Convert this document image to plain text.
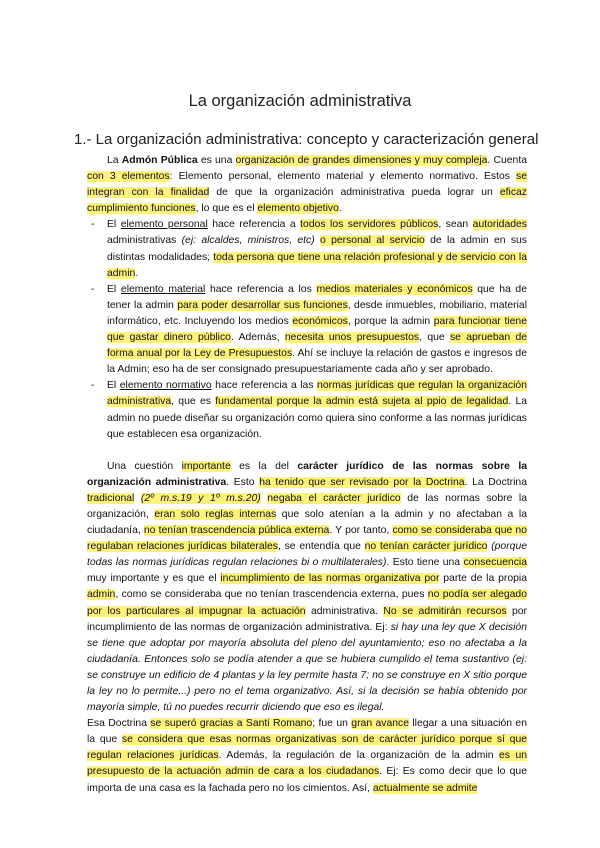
La organización administrativa
1.- La organización administrativa: concepto y caracterización general

La Admón Pública es una organización de grandes dimensiones y muy compleja. Cuenta con 3 elementos: Elemento personal, elemento material y elemento normativo. Estos se integran con la finalidad de que la organización administrativa pueda lograr un eficaz cumplimiento funciones, lo que es el elemento objetivo.

- El elemento personal hace referencia a todos los servidores públicos, sean autoridades administrativas (ej: alcaldes, ministros, etc) o personal al servicio de la admin en sus distintas modalidades; toda persona que tiene una relación profesional y de servicio con la admin.
- El elemento material hace referencia a los medios materiales y económicos que ha de tener la admin para poder desarrollar sus funciones, desde inmuebles, mobiliario, material informático, etc. Incluyendo los medios económicos, porque la admin para funcionar tiene que gastar dinero público. Además, necesita unos presupuestos, que se aprueban de forma anual por la Ley de Presupuestos. Ahí se incluye la relación de gastos e ingresos de la Admin; eso ha de ser consignado presupuestariamente cada año y ser aprobado.
- El elemento normativo hace referencia a las normas jurídicas que regulan la organización administrativa, que es fundamental porque la admin está sujeta al ppio de legalidad. La admin no puede diseñar su organización como quiera sino conforme a las normas jurídicas que establecen esa organización.

Una cuestión importante es la del carácter jurídico de las normas sobre la organización administrativa. Esto ha tenido que ser revisado por la Doctrina. La Doctrina tradicional (2º m.s.19 y 1º m.s.20) negaba el carácter jurídico de las normas sobre la organización, eran solo reglas internas que solo atenían a la admin y no afectaban a la ciudadanía, no tenían trascendencia pública externa. Y por tanto, como se consideraba que no regulaban relaciones jurídicas bilaterales, se entendía que no tenían carácter jurídico (porque todas las normas jurídicas regulan relaciones bi o multilaterales). Esto tiene una consecuencia muy importante y es que el incumplimiento de las normas organizativa por parte de la propia admin, como se consideraba que no tenían trascendencia externa, pues no podía ser alegado por los particulares al impugnar la actuación administrativa. No se admitirán recursos por incumplimiento de las normas de organización administrativa. Ej: si hay una ley que X decisión se tiene que adoptar por mayoría absoluta del pleno del ayuntamiento; eso no afectaba a la ciudadanía. Entonces solo se podía atender a que se hubiera cumplido el tema sustantivo (ej: se construye un edificio de 4 plantas y la ley permite hasta 7; no se construye en X sitio porque la ley no lo permite...) pero no el tema organizativo. Así, si la decisión se había obtenido por mayoría simple, tú no puedes recurrir diciendo que eso es ilegal.

Esa Doctrina se superó gracias a Santi Romano; fue un gran avance llegar a una situación en la que se considera que esas normas organizativas son de carácter jurídico porque sí que regulan relaciones jurídicas. Además, la regulación de la organización de la admin es un presupuesto de la actuación admin de cara a los ciudadanos. Ej: Es como decir que lo que importa de una casa es la fachada pero no los cimientos. Así, actualmente se admite
